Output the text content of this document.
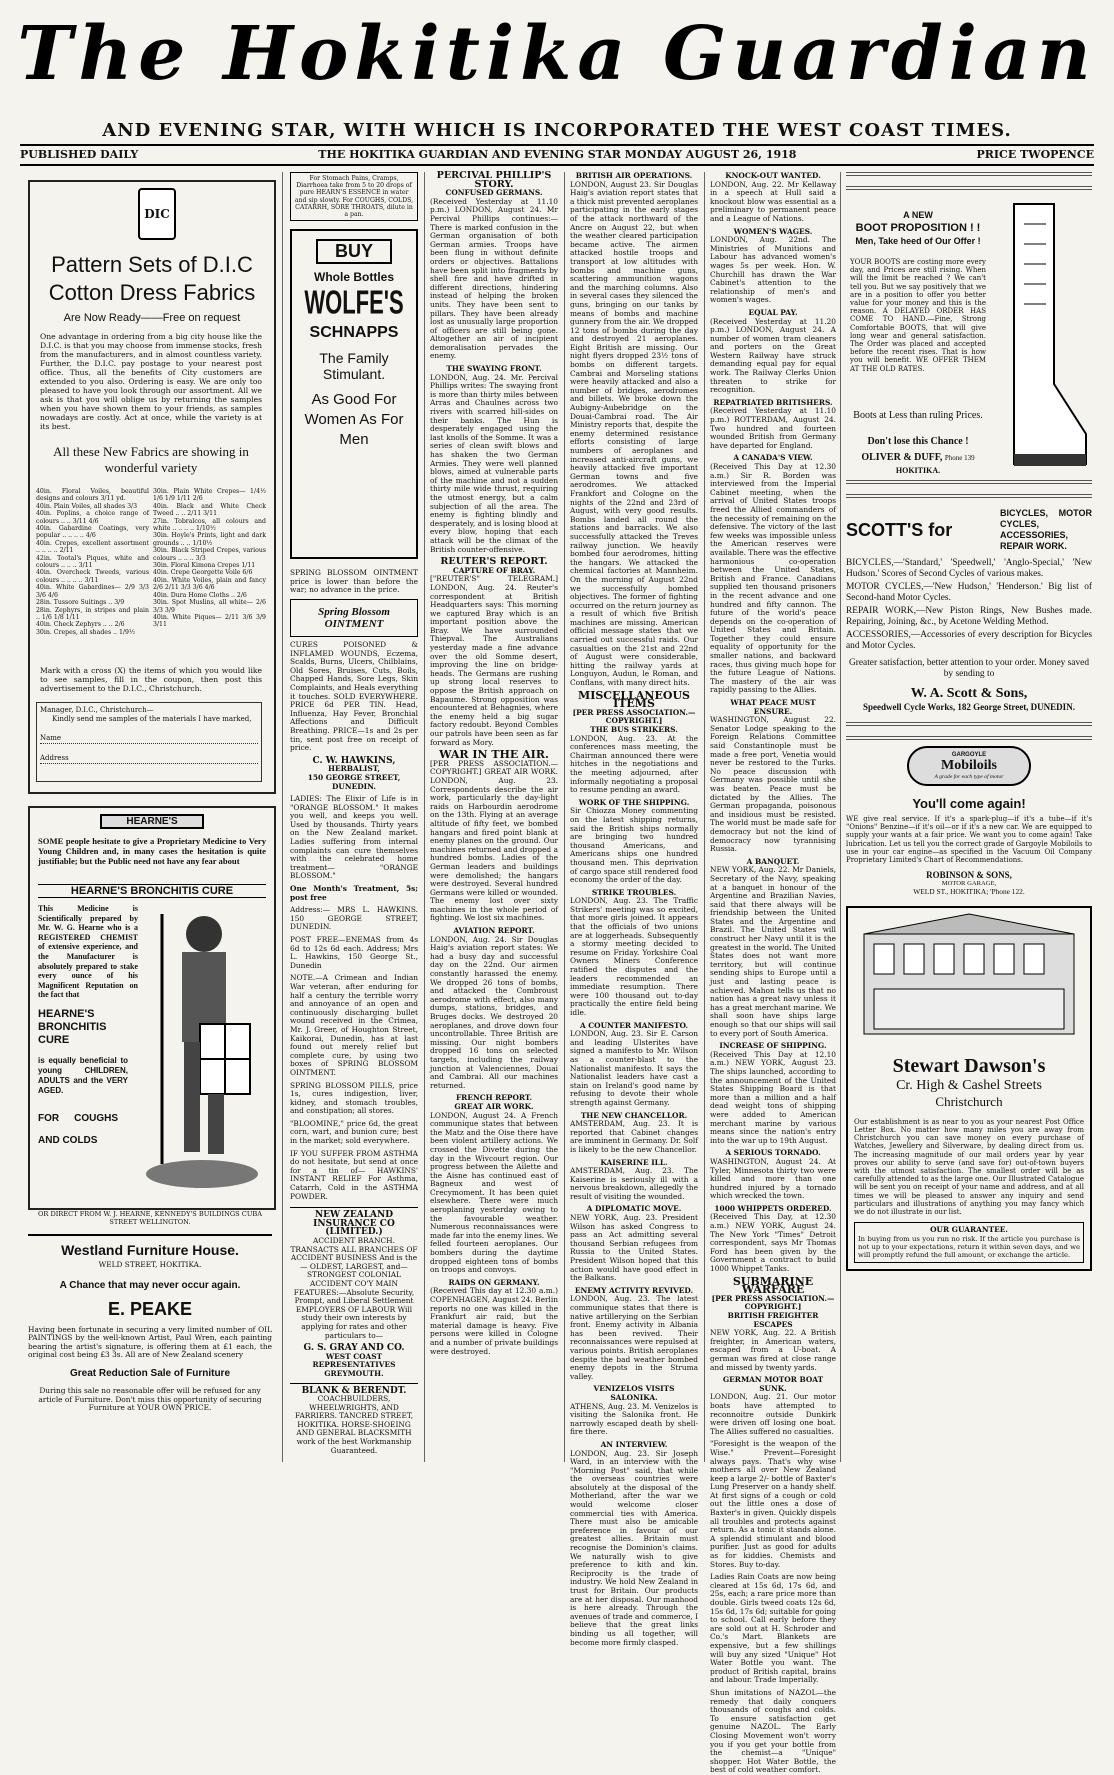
The Hokitika Guardian
AND EVENING STAR, WITH WHICH IS INCORPORATED THE WEST COAST TIMES.
PUBLISHED DAILY	THE HOKITIKA GUARDIAN AND EVENING STAR MONDAY AUGUST 26, 1918	PRICE TWOPENCE
DIC
Pattern Sets of D.I.C
Cotton Dress Fabrics
Are Now Ready——Free on request
One advantage in ordering from a big city house like the D.I.C. is that you may choose from immense stocks, fresh from the manufacturers, and in almost countless variety. Further, the D.I.C. pay postage to your nearest post office. Thus, all the benefits of City customers are extended to you also. Ordering is easy. We are only too pleased to have you look through our assortment. All we ask is that you will oblige us by returning the samples when you have shown them to your friends, as samples nowadays are costly. Act at once, while the variety is at its best.
All these New Fabrics are showing in wonderful variety
40in. Floral Voiles, beautiful designs and colours 3/11 yd.
40in. Plain Voiles, all shades 3/3
40in. Poplins, a choice range of colours .. .. 3/11 4/6
40in. Gabardine Coatings, very popular .. .. .. .. 4/6
40in. Crepes, excellent assortment .. .. .. .. 2/11
42in. Tootal's Piques, white and colours .. .. .. 3/11
40in. Overcheck Tweeds, various colours .. .. .. .. 3/11
40in. White Gabardines— 2/9 3/3 3/6 4/6
28in. Tussore Suitings .. 3/9
28in. Zephyrs, in stripes and plain .. 1/6 1/8 1/11
40in. Check Zephyrs .. .. 2/6
30in. Crepes, all shades .. 1/9½

30in. Plain White Crepes— 1/4½ 1/6 1/9 1/11 2/6
40in. Black and White Check Tweed .. .. 2/11 3/11
27in. Tobralcos, all colours and white .. .. .. .. 1/10½
30in. Hoyle's Prints, light and dark grounds .. .. 1/10½
30in. Black Striped Crepes, various colours .. .. .. 3/3
30in. Floral Kimona Crepes 1/11
40in. Crepe Georgette Voile 6/6
40in. White Voiles, plain and fancy 2/6 2/11 3/3 3/6 4/6
40in. Dura Home Cloths .. 2/6
30in. Spot Muslins, all white— 2/6 3/3 3/9
40in. White Piques— 2/11 3/6 3/9 3/11
Mark with a cross (X) the items of which you would like to see samples, fill in the coupon, then post this advertisement to the D.I.C., Christchurch.
Manager, D.I.C., Christchurch—
Kindly send me samples of the materials I have marked,
Name
Address
HEARNE'S
SOME people hesitate to give a Proprietary Medicine to Very Young Children and, in many cases the hesitation is quite justifiable; but the Public need not have any fear about
HEARNE'S BRONCHITIS CURE
This Medicine is Scientifically prepared by Mr. W. G. Hearne who is a REGISTERED CHEMIST of extensive experience, and the Manufacturer is absolutely prepared to stake every ounce of his Magnificent Reputation on the fact that
HEARNE'S BRONCHITIS CURE
is equally beneficial to young CHILDREN, ADULTS and the VERY AGED.
FOR COUGHS AND COLDS
OR DIRECT FROM W. J. HEARNE, KENNEDY'S BUILDINGS CUBA STREET WELLINGTON.
Westland Furniture House.
WELD STREET, HOKITIKA.
A Chance that may never occur again.
E. PEAKE
Having been fortunate in securing a very limited number of OIL PAINTINGS by the well-known Artist, Paul Wren, each painting bearing the artist's signature, is offering them at £1 each, the original cost being £3 3s. All are of New Zealand scenery
Great Reduction Sale of Furniture
During this sale no reasonable offer will be refused for any article of Furniture. Don't miss this opportunity of securing Furniture at YOUR OWN PRICE.
For Stomach Pains, Cramps, Diarrhoea take from 5 to 20 drops of pure HEARN'S ESSENCE in water and sip slowly. For COUGHS, COLDS, CATARRH, SORE THROATS, dilute in a pan.
BUY
Whole Bottles
WOLFE'S
SCHNAPPS
The Family Stimulant.
As Good For Women As For Men
SPRING BLOSSOM OINTMENT price is lower than before the war; no advance in the price.
Spring Blossom OINTMENT
CURES POISONED & INFLAMED WOUNDS, Eczema, Scalds, Burns, Ulcers, Chilblains, Old Sores, Bruises, Cuts, Boils, Chapped Hands, Sore Legs, Skin Complaints, and Heals everything it touches. SOLD EVERYWHERE. PRICE 6d PER TIN. Head, Influenza, Hay Fever, Bronchial Affections and Difficult Breathing. PRICE—1s and 2s per tin, sent post free on receipt of price.
C. W. HAWKINS,
HERBALIST,
150 GEORGE STREET, DUNEDIN.
LADIES: The Elixir of Life is in "ORANGE BLOSSOM." It makes you well, and keeps you well. Used by thousands. Thirty years on the New Zealand market. Ladies suffering from internal complaints can cure themselves with the celebrated home treatment— "ORANGE BLOSSOM."
One Month's Treatment, 5s; post free
Address:— MRS L. HAWKINS. 150 GEORGE STREET, DUNEDIN.
POST FREE—ENEMAS from 4s 6d to 12s 6d each. Address; Mrs L. Hawkins, 150 George St., Dunedin
NOTE.—A Crimean and Indian War veteran, after enduring for half a century the terrible worry and annoyance of an open and continuously discharging bullet wound received in the Crimea, Mr. J. Greer, of Houghton Street, Kaikorai, Dunedin, has at last found out merely relief but complete cure, by using two boxes of SPRING BLOSSOM OINTMENT.
SPRING BLOSSOM PILLS, price 1s, cures indigestion, liver, kidney, and stomach troubles, and constipation; all stores.
"BLOOMINE," price 6d, the great corn, wart, and bunion cure; best in the market; sold everywhere.
IF YOU SUFFER FROM ASTHMA do not hesitate, but send at once for a tin of— HAWKINS' INSTANT RELIEF For Asthma, Catarrh, Cold in the ASTHMA POWDER.
NEW ZEALAND INSURANCE CO (LIMITED.)
ACCIDENT BRANCH. TRANSACTS ALL BRANCHES OF ACCIDENT BUSINESS And is the— OLDEST, LARGEST, and— STRONGEST COLONIAL ACCIDENT CO'Y MAIN FEATURES:—Absolute Security, Prompt, and Liberal Settlement EMPLOYERS OF LABOUR Will study their own interests by applying for rates and other particulars to—
G. S. GRAY AND CO.
WEST COAST REPRESENTATIVES GREYMOUTH.
BLANK & BERENDT.
COACHBUILDERS, WHEELWRIGHTS, AND FARRIERS. TANCRED STREET, HOKITIKA. HORSE-SHOEING AND GENERAL BLACKSMITH work of the best Workmanship Guaranteed.
PERCIVAL PHILLIP'S STORY.
CONFUSED GERMANS.
(Received Yesterday at 11.10 p.m.) LONDON, August 24. Mr Percival Phillips continues:—There is marked confusion in the German organisation of both German armies. Troops have been flung in without definite orders or objectives. Battalions have been split into fragments by shell fire and have drifted in different directions, hindering instead of helping the broken units. They have been sent to pillars. They have been already lost as unusually large proportion of officers are still being gone. Altogether an air of incipient demoralisation pervades the enemy.
THE SWAYING FRONT.
LONDON, Aug. 24. Mr. Percival Phillips writes: The swaying front is more than thirty miles between Arras and Chaulnes across two rivers with scarred hill-sides on their banks. The Hun is desperately engaged using the last knolls of the Somme. It was a series of clean swift blows and has shaken the two German Armies. They were well planned blows, aimed at vulnerable parts of the machine and not a sudden thirty mile wide thrust, requiring the utmost energy, but a calm subjection of all the area. The enemy is fighting blindly and desperately, and is losing blood at every blow, hoping that each attack will be the climax of the British counter-offensive.
REUTER'S REPORT.
CAPTURE OF BRAY.
["REUTER'S" TELEGRAM.] LONDON, Aug. 24. Reuter's correspondent at British Headquarters says: This morning we captured Bray which is an important position above the Bray. We have surrounded Thiepval. The Australians yesterday made a fine advance over the old Somme desert, improving the line on bridge-heads. The Germans are rushing up strong local reserves to oppose the British approach on Bapaume. Strong opposition was encountered at Behagnies, where the enemy held a big sugar factory redoubt. Beyond Combles our patrols have been seen as far forward as Mory.
WAR IN THE AIR.
[PER PRESS ASSOCIATION.—COPYRIGHT.] GREAT AIR WORK. LONDON, Aug. 23. Correspondents describe the air work, particularly the day-light raids on Harbourdin aerodrome on the 13th. Flying at an average altitude of fifty feet, we bombed hangars and fired point blank at enemy planes on the ground. Our machines returned and dropped a hundred bombs. Ladies of the German leaders and buildings were demolished; the hangars were destroyed. Several hundred Germans were killed or wounded. The enemy lost over sixty machines in the whole period of fighting. We lost six machines.
AVIATION REPORT.
LONDON, Aug. 24. Sir Douglas Haig's aviation report states: We had a busy day and successful day on the 22nd. Our airmen constantly harassed the enemy. We dropped 26 tons of bombs, and attacked the Combroust aerodrome with effect, also many dumps, stations, bridges, and Bruges docks. We destroyed 20 aeroplanes, and drove down four uncontrollable. Three British are missing. Our night bombers dropped 16 tons on selected targets, including the railway junction at Valenciennes, Douai and Cambrai. All our machines returned.
FRENCH REPORT.
GREAT AIR WORK.
LONDON, August 24. A French communique states that between the Matz and the Oise there have been violent artillery actions. We crossed the Divette during the day in the Wivcourt region. Our progress between the Ailette and the Aisne has continued east of Bagneux and west of Crecymoment. It has been quiet elsewhere. There were much aeroplaning yesterday owing to the favourable weather. Numerous reconnaissances were made far into the enemy lines. We felled fourteen aeroplanes. Our bombers during the daytime dropped eighteen tons of bombs on troops and convoys.
RAIDS ON GERMANY.
(Received This day at 12.30 a.m.) COPENHAGEN, August 24. Berlin reports no one was killed in the Frankfurt air raid, but the material damage is heavy. Five persons were killed in Cologne and a number of private buildings were destroyed.
BRITISH AIR OPERATIONS.
LONDON, August 23. Sir Douglas Haig's aviation report states that a thick mist prevented aeroplanes participating in the early stages of the attack northward of the Ancre on August 22, but when the weather cleared participation became active. The airmen attacked hostile troops and transport at low altitudes with bombs and machine guns, scattering ammunition wagons and the marching columns. Also in several cases they silenced the guns, bringing on our tanks by means of bombs and machine gunnery from the air. We dropped 12 tons of bombs during the day and destroyed 21 aeroplanes. Eight British are missing. Our night flyers dropped 23½ tons of bombs on different targets. Cambrai and Morseling stations were heavily attacked and also a number of bridges, aerodromes and billets. We broke down the Aubigny-Aubebridge on the Douai-Cambrai road. The Air Ministry reports that, despite the enemy determined resistance efforts consisting of large numbers of aeroplanes and increased anti-aircraft guns, we heavily attacked five important German towns and five aerodromes. We attacked Frankfort and Cologne on the nights of the 22nd and 23rd of August, with very good results. Bombs landed all round the stations and barracks. We also successfully attacked the Treves railway junction. We heavily bombed four aerodromes, hitting the hangars. We attacked the chemical factories at Mannheim. On the morning of August 22nd we successfully bombed objectives. The former of fighting occurred on the return journey as a result of which five British machines are missing. American official message states that we carried out successful raids. Our casualties on the 21st and 22nd of August were considerable, hitting the railway yards at Longuyon, Audun, le Roman, and Conflans, with many direct hits.
MISCELLANEOUS ITEMS
[PER PRESS ASSOCIATION.—COPYRIGHT.]
THE BUS STRIKERS.
LONDON, Aug. 23. At the conferences mass meeting, the Chairman announced there were hitches in the negotiations and the meeting adjourned, after informally negotiating a proposal to resume pending an award.
WORK OF THE SHIPPING.
Sir Chiozza Money commenting on the latest shipping returns, said the British ships normally are bringing two hundred thousand Americans, and Americans ships one hundred thousand men. This deprivation of cargo space still rendered food economy the order of the day.
STRIKE TROUBLES.
LONDON, Aug. 23. The Traffic Strikers' meeting was so excited, that more girls joined. It appears that the officials of two unions are at loggerheads. Subsequently a stormy meeting decided to resume on Friday. Yorkshire Coal Owners Miners Conference ratified the disputes and the leaders recommended an immediate resumption. There were 100 thousand out to-day practically the entire field being idle.
A COUNTER MANIFESTO.
LONDON, Aug. 23. Sir E. Carson and leading Ulsterites have signed a manifesto to Mr. Wilson as a counter-blast to the Nationalist manifesto. It says the Nationalist leaders have cast a stain on Ireland's good name by refusing to devote their whole strength against Germany.
THE NEW CHANCELLOR.
AMSTERDAM, Aug. 23. It is reported that Cabinet changes are imminent in Germany. Dr. Solf is likely to be the new Chancellor.
KAISERINE ILL.
AMSTERDAM, Aug. 23. The Kaiserine is seriously ill with a nervous breakdown, allegedly the result of visiting the wounded.
A DIPLOMATIC MOVE.
NEW YORK, Aug. 23. President Wilson has asked Congress to pass an Act admitting several thousand Serbian refugees from Russia to the United States. President Wilson hoped that this action would have good effect in the Balkans.
ENEMY ACTIVITY REVIVED.
LONDON, Aug. 23. The latest communique states that there is native artillerying on the Serbian front. Enemy activity in Albania has been revived. Their reconnaissances were repulsed at various points. British aeroplanes despite the bad weather bombed enemy depots in the Struma valley.
VENIZELOS VISITS SALONIKA.
ATHENS, Aug. 23. M. Venizelos is visiting the Salonika front. He narrowly escaped death by shell-fire there.
AN INTERVIEW.
LONDON, Aug. 23. Sir Joseph Ward, in an interview with the "Morning Post" said, that while the overseas countries were absolutely at the disposal of the Motherland, after the war we would welcome closer commercial ties with America. There must also be amicable preference in favour of our greatest allies. Britain must recognise the Dominion's claims. We naturally wish to give preference to kith and kin. Reciprocity is the trade of industry. We hold New Zealand in trust for Britain. Our products are at her disposal. Our manhood is here already. Through the avenues of trade and commerce, I believe that the great links binding us all together, will become more firmly clasped.
KNOCK-OUT WANTED.
LONDON, Aug. 22. Mr Kellaway in a speech at Hull said a knockout blow was essential as a preliminary to permanent peace and a League of Nations.
WOMEN'S WAGES.
LONDON, Aug. 22nd. The Ministries of Munitions and Labour has advanced women's wages 5s per week. Hon. W. Churchill has drawn the War Cabinet's attention to the relationship of men's and women's wages.
EQUAL PAY.
(Received Yesterday at 11.20 p.m.) LONDON, August 24. A number of women tram cleaners and porters on the Great Western Railway have struck demanding equal pay for equal work. The Railway Clerks Union threaten to strike for recognition.
REPATRIATED BRITISHERS.
(Received Yesterday at 11.10 p.m.) ROTTERDAM, August 24. Two hundred and fourteen wounded British from Germany have departed for England.
A CANADA'S VIEW.
(Received This Day at 12.30 a.m.) Sir R. Borden was interviewed from the Imperial Cabinet meeting, when the arrival of United States troops freed the Allied commanders of the necessity of remaining on the defensive. The victory of the last few weeks was impossible unless the American reserves were available. There was the effective harmonious co-operation between the United States, British and France. Canadians supplied ten thousand prisoners in the recent advance and one hundred and fifty cannon. The future of the world's peace depends on the co-operation of United States and Britain. Together they could ensure equality of opportunity for the smaller nations, and backward races, thus giving much hope for the future League of Nations. The mastery of the air was rapidly passing to the Allies.
WHAT PEACE MUST ENSURE.
WASHINGTON, August 22. Senator Lodge speaking to the Foreign Relations Committee said Constantinople must be made a free port, Venetia would never be restored to the Turks. No peace discussion with Germany was possible until she was beaten. Peace must be dictated by the Allies. The German propaganda, poisonous and insidious must be resisted. The world must be made safe for democracy but not the kind of democracy now tyrannising Russia.
A BANQUET.
NEW YORK, Aug. 22. Mr Daniels, Secretary of the Navy, speaking at a banquet in honour of the Argentine and Brazilian Navies, said that there always will be friendship between the United States and the Argentine and Brazil. The United States will construct her Navy until it is the greatest in the world. The United States does not want more territory, but will continue sending ships to Europe until a just and lasting peace is achieved. Mahon tells us that no nation has a great navy unless it has a great merchant marine. We shall soon have ships large enough so that our ships will sail to every port of South America.
INCREASE OF SHIPPING.
(Received This Day at 12.10 a.m.) NEW YORK, August 23. The ships launched, according to the announcement of the United States Shipping Board is that more than a million and a half dead weight tons of shipping were added to American merchant marine by various means since the nation's entry into the war up to 19th August.
A SERIOUS TORNADO.
WASHINGTON, August 24. At Tyler, Minnesota thirty two were killed and more than one hundred injured by a tornado which wrecked the town.
1000 WHIPPETS ORDERED.
(Received This Day, at 12.30 a.m.) NEW YORK, August 24. The New York "Times" Detroit correspondent, says Mr Thomas Ford has been given by the Government a contract to build 1000 Whippet Tanks.
SUBMARINE WARFARE
[PER PRESS ASSOCIATION.—COPYRIGHT.]
BRITISH FREIGHTER ESCAPES
NEW YORK, Aug. 22. A British freighter, in American waters, escaped from a U-boat. A german was fired at close range and missed by twenty yards.
GERMAN MOTOR BOAT SUNK.
LONDON, Aug. 21. Our motor boats have attempted to reconnoitre outside Dunkirk were driven off losing one boat. The Allies suffered no casualties.
"Foresight is the weapon of the Wise." Prevent—Foresight always pays. That's why wise mothers all over New Zealand keep a large 2/- bottle of Baxter's Lung Preserver on a handy shelf. At first signs of a cough or cold out the little ones a dose of Baxter's in given. Quickly dispels all troubles and protects against return. As a tonic it stands alone. A splendid stimulant and blood purifier. Just as good for adults as for kiddies. Chemists and Stores. Buy to-day.
Ladies Rain Coats are now being cleared at 15s 6d, 17s 6d, and 25s, each; a rare price more than double. Girls tweed coats 12s 6d, 15s 6d, 17s 6d; suitable for going to school. Call early before they are sold out at H. Schroder and Co.'s Mart. Blankets are expensive, but a few shillings will buy any sized "Unique" Hot Water Bottle you want. The product of British capital, brains and labour. Trade Imperially.
Shun imitations of NAZOL—the remedy that daily conquers thousands of coughs and colds. To ensure satisfaction get genuine NAZOL. The Early Closing Movement won't worry you if you get your bottle from the chemist—a "Unique" shopper. Hot Water Bottle, the best of cold weather comfort.
A NEW
BOOT PROPOSITION ! !
Men, Take heed of Our Offer !
YOUR BOOTS are costing more every day, and Prices are still rising. When will the limit be reached ? We can't tell you. But we say positively that we are in a position to offer you better value for your money and this is the reason. A DELAYED ORDER HAS COME TO HAND.—Fine, Strong Comfortable BOOTS, that will give long wear and general satisfaction. The Order was placed and accepted before the recent rises. That is how you will benefit. WE OFFER THEM AT THE OLD RATES.
Boots at Less than ruling Prices.
Don't lose this Chance !
OLIVER & DUFF, Phone 139
HOKITIKA.
SCOTT'S for
BICYCLES, MOTOR CYCLES, ACCESSORIES, REPAIR WORK.
BICYCLES,—'Standard,' 'Speedwell,' 'Anglo-Special,' 'New Hudson.' Scores of Second Cycles of various makes.
MOTOR CYCLES,—'New Hudson,' 'Henderson.' Big list of Second-hand Motor Cycles.
REPAIR WORK,—New Piston Rings, New Bushes made. Repairing, Joining, &c., by Acetone Welding Method.
ACCESSORIES,—Accessories of every description for Bicycles and Motor Cycles.
Greater satisfaction, better attention to your order. Money saved by sending to
W. A. Scott & Sons,
Speedwell Cycle Works, 182 George Street, DUNEDIN.
GARGOYLE
Mobiloils
A grade for each type of motor
You'll come again!
WE give real service. If it's a spark-plug—if it's a tube—if it's "Onions" Benzine—if it's oil—or if it's a new car. We are equipped to supply your wants at a fair price. We want you to come again! Take lubrication. Let us tell you the correct grade of Gargoyle Mobiloils to use in your car engine—as specified in the Vacuum Oil Company Proprietary Limited's Chart of Recommendations.
ROBINSON & SONS,
MOTOR GARAGE,
WELD ST., HOKITIKA; 'Phone 122.
Stewart Dawson's
Cr. High & Cashel Streets
Christchurch
Our establishment is as near to you as your nearest Post Office Letter Box. No matter how many miles you are away from Christchurch you can save money on every purchase of Watches, Jewellery and Silverware, by dealing direct from us. The increasing magnitude of our mail orders year by year proves our ability to serve (and save for) out-of-town buyers with the utmost satisfaction. The smallest order will be as carefully attended to as the large one. Our Illustrated Catalogue will be sent you on receipt of your name and address, and at all times we will be pleased to answer any inquiry and send particulars and illustrations of anything you may fancy which we do not illustrate in our list.
OUR GUARANTEE.
In buying from us you run no risk. If the article you purchase is not up to your expectations, return it within seven days, and we will promptly refund the full amount, or exchange the article.
